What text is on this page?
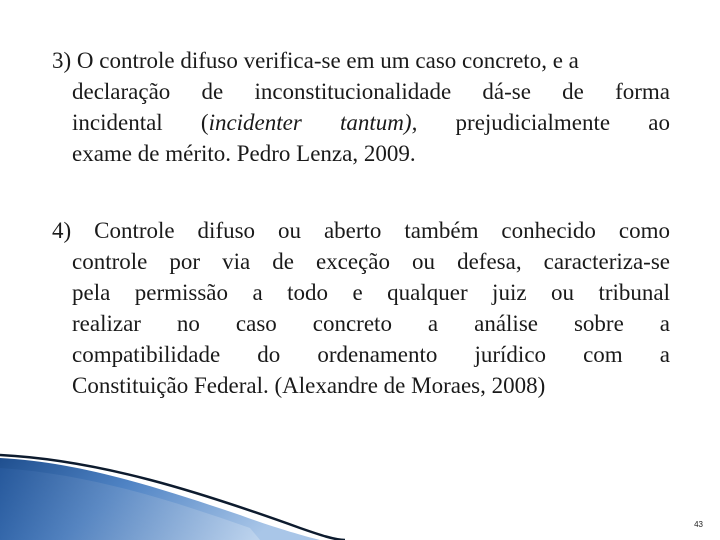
3) O controle difuso verifica-se em um caso concreto, e a
declaração de inconstitucionalidade dá-se de forma
incidental (incidenter tantum), prejudicialmente ao
exame de mérito. Pedro Lenza, 2009.
4) Controle difuso ou aberto também conhecido como
controle por via de exceção ou defesa, caracteriza-se
pela permissão a todo e qualquer juiz ou tribunal
realizar no caso concreto a análise sobre a
compatibilidade do ordenamento jurídico com a
Constituição Federal. (Alexandre de Moraes, 2008)
43
